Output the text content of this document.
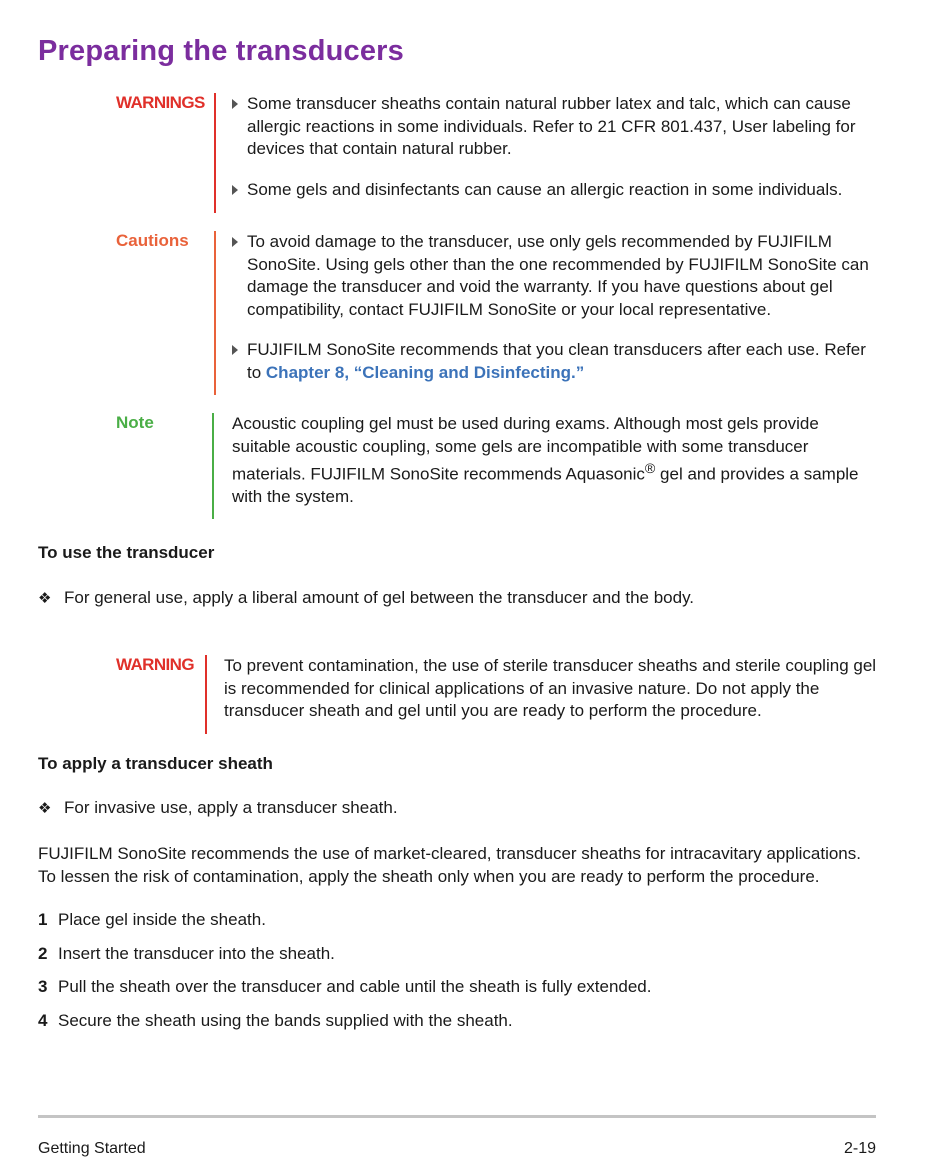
Preparing the transducers
WARNINGS	Some transducer sheaths contain natural rubber latex and talc, which can cause allergic reactions in some individuals. Refer to 21 CFR 801.437, User labeling for devices that contain natural rubber.
Some gels and disinfectants can cause an allergic reaction in some individuals.
Cautions	To avoid damage to the transducer, use only gels recommended by FUJIFILM SonoSite. Using gels other than the one recommended by FUJIFILM SonoSite can damage the transducer and void the warranty. If you have questions about gel compatibility, contact FUJIFILM SonoSite or your local representative.
FUJIFILM SonoSite recommends that you clean transducers after each use. Refer to Chapter 8, “Cleaning and Disinfecting.”
Note	Acoustic coupling gel must be used during exams. Although most gels provide suitable acoustic coupling, some gels are incompatible with some transducer materials. FUJIFILM SonoSite recommends Aquasonic® gel and provides a sample with the system.
To use the transducer
❖ For general use, apply a liberal amount of gel between the transducer and the body.
WARNING To prevent contamination, the use of sterile transducer sheaths and sterile coupling gel is recommended for clinical applications of an invasive nature. Do not apply the transducer sheath and gel until you are ready to perform the procedure.
To apply a transducer sheath
❖ For invasive use, apply a transducer sheath.
FUJIFILM SonoSite recommends the use of market-cleared, transducer sheaths for intracavitary applications. To lessen the risk of contamination, apply the sheath only when you are ready to perform the procedure.
1 Place gel inside the sheath.
2 Insert the transducer into the sheath.
3 Pull the sheath over the transducer and cable until the sheath is fully extended.
4 Secure the sheath using the bands supplied with the sheath.
Getting Started	2-19
